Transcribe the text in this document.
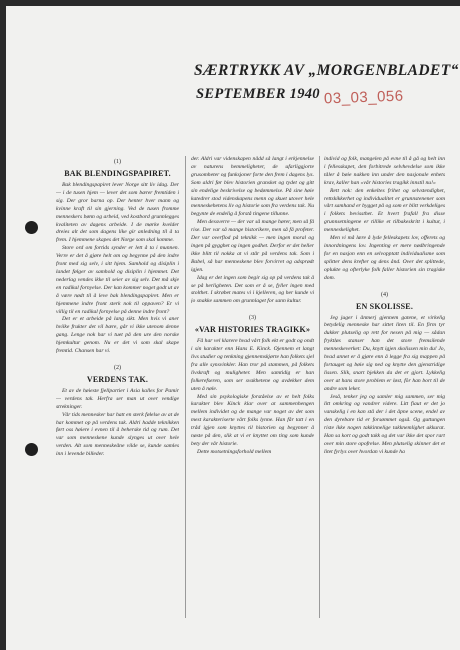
SÆRTRYKK AV „MORGENBLADET“
SEPTEMBER 1940 03_03_056
(1)
BAK BLENDINGSPAPIRET.

Bak blendingspapiret lever Norge sitt liv idag. Der — i de tusen hjem — lever det som bærer fremtiden i sig. Der gror barna op. Der henter hver mann og kvinne kraft til sin gjerning. Ved de tusen fromme menneskers bønn og arbeid, ved kostbord grunnlegges kvaliteten av dagens arbeide. I de mørke kvelder dreies alt det som dagens like gir anledning til å ta frem. I hjemmene skapes det Norge som skal komme.

Store ord om fortids synder er lett å ta i munnen. Verre er det å gjøre helt om og begynne på den indre front med sig selv, i sitt hjem. Samhold og disiplin i landet følger av samhold og disiplin i hjemmet. Det nederlag vendes ikke til seier av sig selv. Det må skje en radikal fornyelse. Der kan kommer noget godt ut av å være nødt til å leve bak blendingspapiret. Men er hjemmene indre front sterk nok til oppaven? Er vi villig til en radikal fornyelse på denne indre front?

Det er et arbeide på lang sikt. Men hvis vi aner hvilke frukter det vil bære, går vi ikke utenom denne gang. Lenge nok har vi tuet på den ure den norske hjemkultur genom. Nu er det vi som skal skape fremtid. Chansen har vi.

(2)
VERDENS TAK.

Et av de høieste fjellpartier i Asia kalles for Pamir — verdens tak. Herfra ser man ut over vendige strekninger.

Vår tids mennesker har hatt en sterk følelse av at de har kommet op på verdens tak. Aldri hadde teknikken ført oss høiere i evnen til å beherske tid og rum. Det var som menneskene kunde slynges ut over hele verden. Alt som menneskeåne vilde se, kunde samles inn i levende billeder.

der. Aldri var videnskapen nådd så langt i erkjennelse av naturens hemmeligheter, de ufarliggjorte grusomheter og funksjoner forte den frem i dagens lys. Som aldri før blev historien gransket og tydet og gitt sin endelige beskrivelse og bedømmelse. På sine høie katedrer stod videnskapens menn og skuet utover hele menneskehetens liv og historie som fra verdens tak. Nu begynte de endelig å forstå tingene tillunne.

Men dessverre — der var så mange hører, men så få rise. Der var så mange historikere, men så få profeter. Der var overflod på teknikk — men ingen moral og ingen på gygghet og ingen godhet. Derfor er det heller ikke blitt til nokka at vi står på verdens tak. Som i Babel, så har menneskene blev forvirret og adsprødt igjen.

Idag er det ingen som begir sig op på verdens tak å se på herligheten. Det som er å se, fyller ingen med stolthet. I skrøbet mates vi i kjelleren, og her kunde vi jo snakke sammen om grunnlaget for sann kultur.

(3)
«VAR HISTORIES TRAGIKK»

Få har vel klarere hvad vårt folk ekt er godt og ondt i sin karakter enn Hans E. Kinck. Ojennem et langt livs studier og tenkning gjennemskjørte han folkets sjel fra alle synsvinkler. Han tror på stammen, på folkets livskraft og muligheter. Men samtidig er han folkerefseren, som ser svakhetene og avdekker dem uten å nøle.

Med sin psykologiske forståelse av et helt folks karakter blev Kinck klar over at sammenhengen mellem individet og de mange var noget av det som mest karakteriserte vårt folks lynne. Han får tatt i en tråd igjen som knyttes til historien og begynner å nøste på den, slik at vi er knyttet om ting som kunde bety der vår historie.

Dette motsetningsforhold mellem

individ og folk, mangelen på evne til å gå og helt inn i fellesskapet, den forbitrede selvhevdelse som ikke tåler å bøie nakken inn under den nasjonale enhets krav, kaller han «vår histories tragikk innstil nu!»

Rett nok: den enkeltes frihet og selvstendighet, rettskikkerhet og individualitet er grunnstenener som vårt samhand er bygget på og som er blitt verkdeliges i folkets bevissthet. Et hvert frafall fra disse grunnsetningene er tillike et tilbakeskritt i kultur, i menneskelighet.

Men vi må lære å lyde felleskapets lov, offerets og innordningens lov. Ingenting er mere nødbringende for en nasjon enn en selvopptatt individualisme som splitter dens krefter og dens ånd. Over det splittede, oplukte og ofterlyke folk faller historien sin tragiske dom.

(4)
EN SKOLISSE.

Jeg juger i ånmerj gjennem gatene, et virkelig betydelig menneske har sittet liten til. En firm tyr dukker plutselig op rett for nesen på mig — sådan fryktløs stanser han det store fremsilende menneskeverket: Du, knytt igjen skolissen min du! Jo, hvad annet er å gjøre enn å legge fra sig mappen på fortauget og bøie sig ned og knytte den gjenstridige lissen. Slik, snart bjekken da det er gjort. Lykkelig over at hans store problem er løst, fôr han bort til de andre som leker.

Jeså, tenker jeg og samler mig sammen, ser mig litt omkring og vandrer videre. Litt fiaut er det jo vanskelig i en kan stå der i det åpne scene, endel av den dyrebare tid er forsømmet også. Og guttungen riste ikke nogen takkinnelige takknemlighet akkurat. Han sa kort og godt takk og det var ikke det spor rart over min store opofrelse. Men plutselig skinner det et litet fyrlys over hvordan vi kunde ha
